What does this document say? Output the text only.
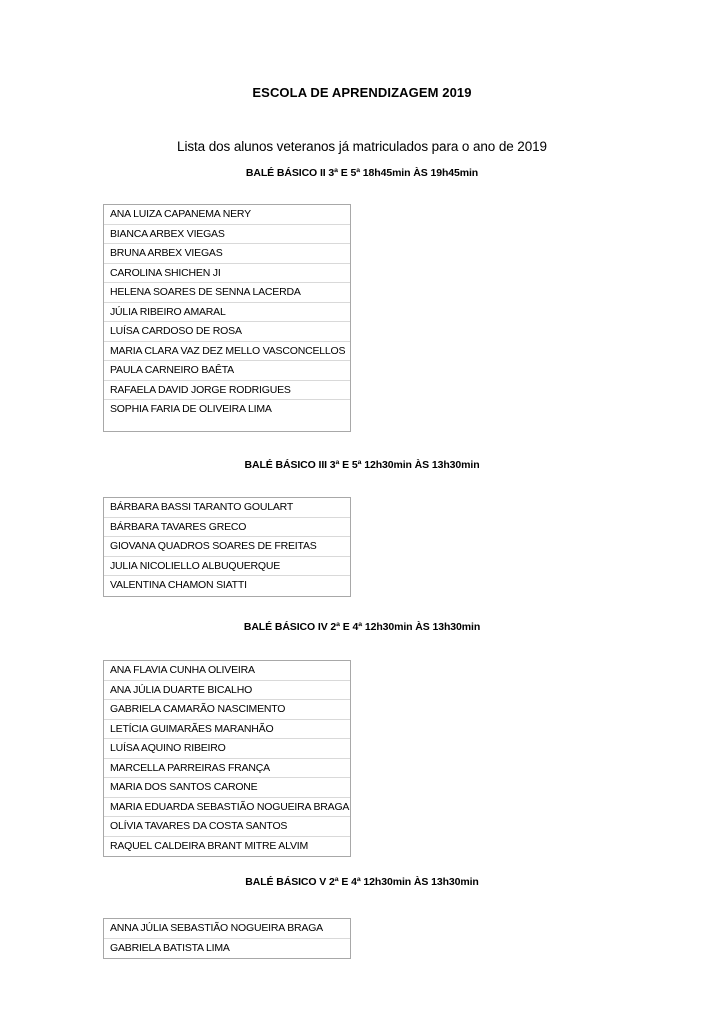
ESCOLA DE APRENDIZAGEM 2019
Lista dos alunos veteranos já matriculados para o ano de 2019
BALÉ BÁSICO II 3ª E 5ª 18h45min ÀS 19h45min
ANA LUIZA CAPANEMA NERY
BIANCA ARBEX VIEGAS
BRUNA ARBEX VIEGAS
CAROLINA SHICHEN JI
HELENA SOARES DE SENNA LACERDA
JÚLIA RIBEIRO AMARAL
LUÍSA CARDOSO DE ROSA
MARIA CLARA VAZ DEZ MELLO VASCONCELLOS
PAULA CARNEIRO BAÊTA
RAFAELA DAVID JORGE RODRIGUES
SOPHIA FARIA DE OLIVEIRA LIMA
BALÉ BÁSICO III 3ª E 5ª 12h30min ÀS 13h30min
BÁRBARA BASSI TARANTO GOULART
BÁRBARA TAVARES GRECO
GIOVANA QUADROS SOARES DE FREITAS
JULIA NICOLIELLO ALBUQUERQUE
VALENTINA CHAMON SIATTI
BALÉ BÁSICO IV 2ª E 4ª 12h30min ÀS 13h30min
ANA FLAVIA CUNHA OLIVEIRA
ANA JÚLIA DUARTE BICALHO
GABRIELA CAMARÃO NASCIMENTO
LETÍCIA GUIMARÃES MARANHÃO
LUÍSA AQUINO RIBEIRO
MARCELLA PARREIRAS FRANÇA
MARIA DOS SANTOS CARONE
MARIA EDUARDA SEBASTIÃO NOGUEIRA BRAGA
OLÍVIA TAVARES DA COSTA SANTOS
RAQUEL CALDEIRA BRANT MITRE ALVIM
BALÉ BÁSICO V 2ª E 4ª 12h30min ÀS 13h30min
ANNA JÚLIA SEBASTIÃO NOGUEIRA BRAGA
GABRIELA BATISTA LIMA
